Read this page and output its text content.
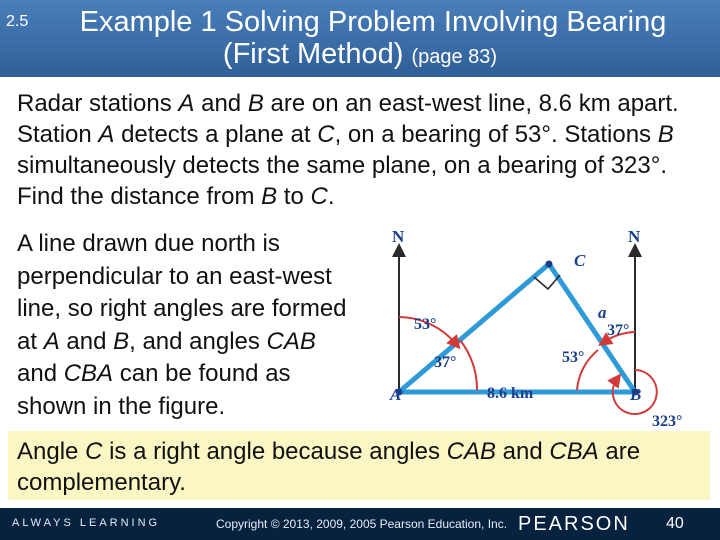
2.5 Example 1 Solving Problem Involving Bearing
(First Method) (page 83)
Radar stations A and B are on an east-west line, 8.6 km apart. Station A detects a plane at C, on a bearing of 53°. Stations B simultaneously detects the same plane, on a bearing of 323°. Find the distance from B to C.
A line drawn due north is perpendicular to an east-west line, so right angles are formed at A and B, and angles CAB and CBA can be found as shown in the figure.
N	N
C
A	B
a
53°
37°	53°
37°
8.6 km
323°
Angle C is a right angle because angles CAB and CBA are complementary.
ALWAYS LEARNING	Copyright © 2013, 2009, 2005 Pearson Education, Inc. PEARSON 40
